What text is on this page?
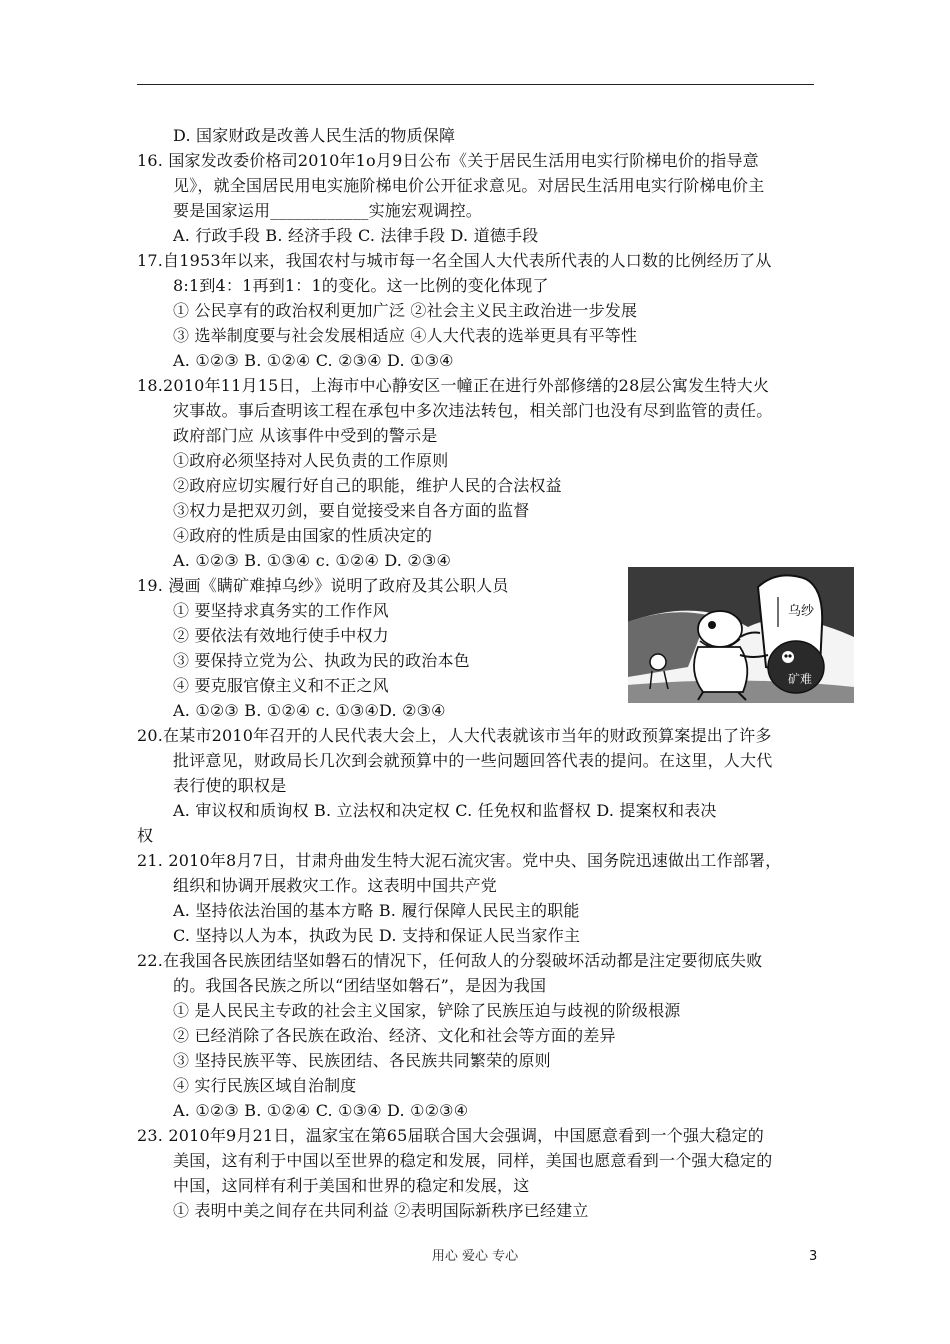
D. 国家财政是改善人民生活的物质保障
16. 国家发改委价格司2010年1o月9日公布《关于居民生活用电实行阶梯电价的指导意
见》，就全国居民用电实施阶梯电价公开征求意见。对居民生活用电实行阶梯电价主
要是国家运用____________实施宏观调控。
A. 行政手段 B. 经济手段 C. 法律手段 D. 道德手段
17.自1953年以来，我国农村与城市每一名全国人大代表所代表的人口数的比例经历了从
8:1到4：1再到1：1的变化。这一比例的变化体现了
① 公民享有的政治权利更加广泛 ②社会主义民主政治进一步发展
③ 选举制度要与社会发展相适应 ④人大代表的选举更具有平等性
A. ①②③ B. ①②④ C. ②③④ D. ①③④
18.2010年11月15日，上海市中心静安区一幢正在进行外部修缮的28层公寓发生特大火
灾事故。事后查明该工程在承包中多次违法转包，相关部门也没有尽到监管的责任。
政府部门应 从该事件中受到的警示是
①政府必须坚持对人民负责的工作原则
②政府应切实履行好自己的职能，维护人民的合法权益
③权力是把双刃剑，要自觉接受来自各方面的监督
④政府的性质是由国家的性质决定的
A. ①②③ B. ①③④ c. ①②④ D. ②③④
19. 漫画《瞒矿难掉乌纱》说明了政府及其公职人员
① 要坚持求真务实的工作作风
② 要依法有效地行使手中权力
③ 要保持立党为公、执政为民的政治本色
④ 要克服官僚主义和不正之风
A. ①②③ B. ①②④ c. ①③④D. ②③④
20.在某市2010年召开的人民代表大会上，人大代表就该市当年的财政预算案提出了许多
批评意见，财政局长几次到会就预算中的一些问题回答代表的提问。在这里，人大代
表行使的职权是
A. 审议权和质询权 B. 立法权和决定权 C. 任免权和监督权 D. 提案权和表决
权
21. 2010年8月7日，甘肃舟曲发生特大泥石流灾害。党中央、国务院迅速做出工作部署，
组织和协调开展救灾工作。这表明中国共产党
A. 坚持依法治国的基本方略 B. 履行保障人民民主的职能
C. 坚持以人为本，执政为民 D. 支持和保证人民当家作主
22.在我国各民族团结坚如磐石的情况下，任何敌人的分裂破坏活动都是注定要彻底失败
的。我国各民族之所以“团结坚如磐石”，是因为我国
① 是人民民主专政的社会主义国家，铲除了民族压迫与歧视的阶级根源
② 已经消除了各民族在政治、经济、文化和社会等方面的差异
③ 坚持民族平等、民族团结、各民族共同繁荣的原则
④ 实行民族区域自治制度
A. ①②③ B. ①②④ C. ①③④ D. ①②③④
23. 2010年9月21日，温家宝在第65届联合国大会强调，中国愿意看到一个强大稳定的
美国，这有利于中国以至世界的稳定和发展，同样，美国也愿意看到一个强大稳定的
中国，这同样有利于美国和世界的稳定和发展，这
① 表明中美之间存在共同利益 ②表明国际新秩序已经建立
乌纱
矿难
用心 爱心 专心	3
